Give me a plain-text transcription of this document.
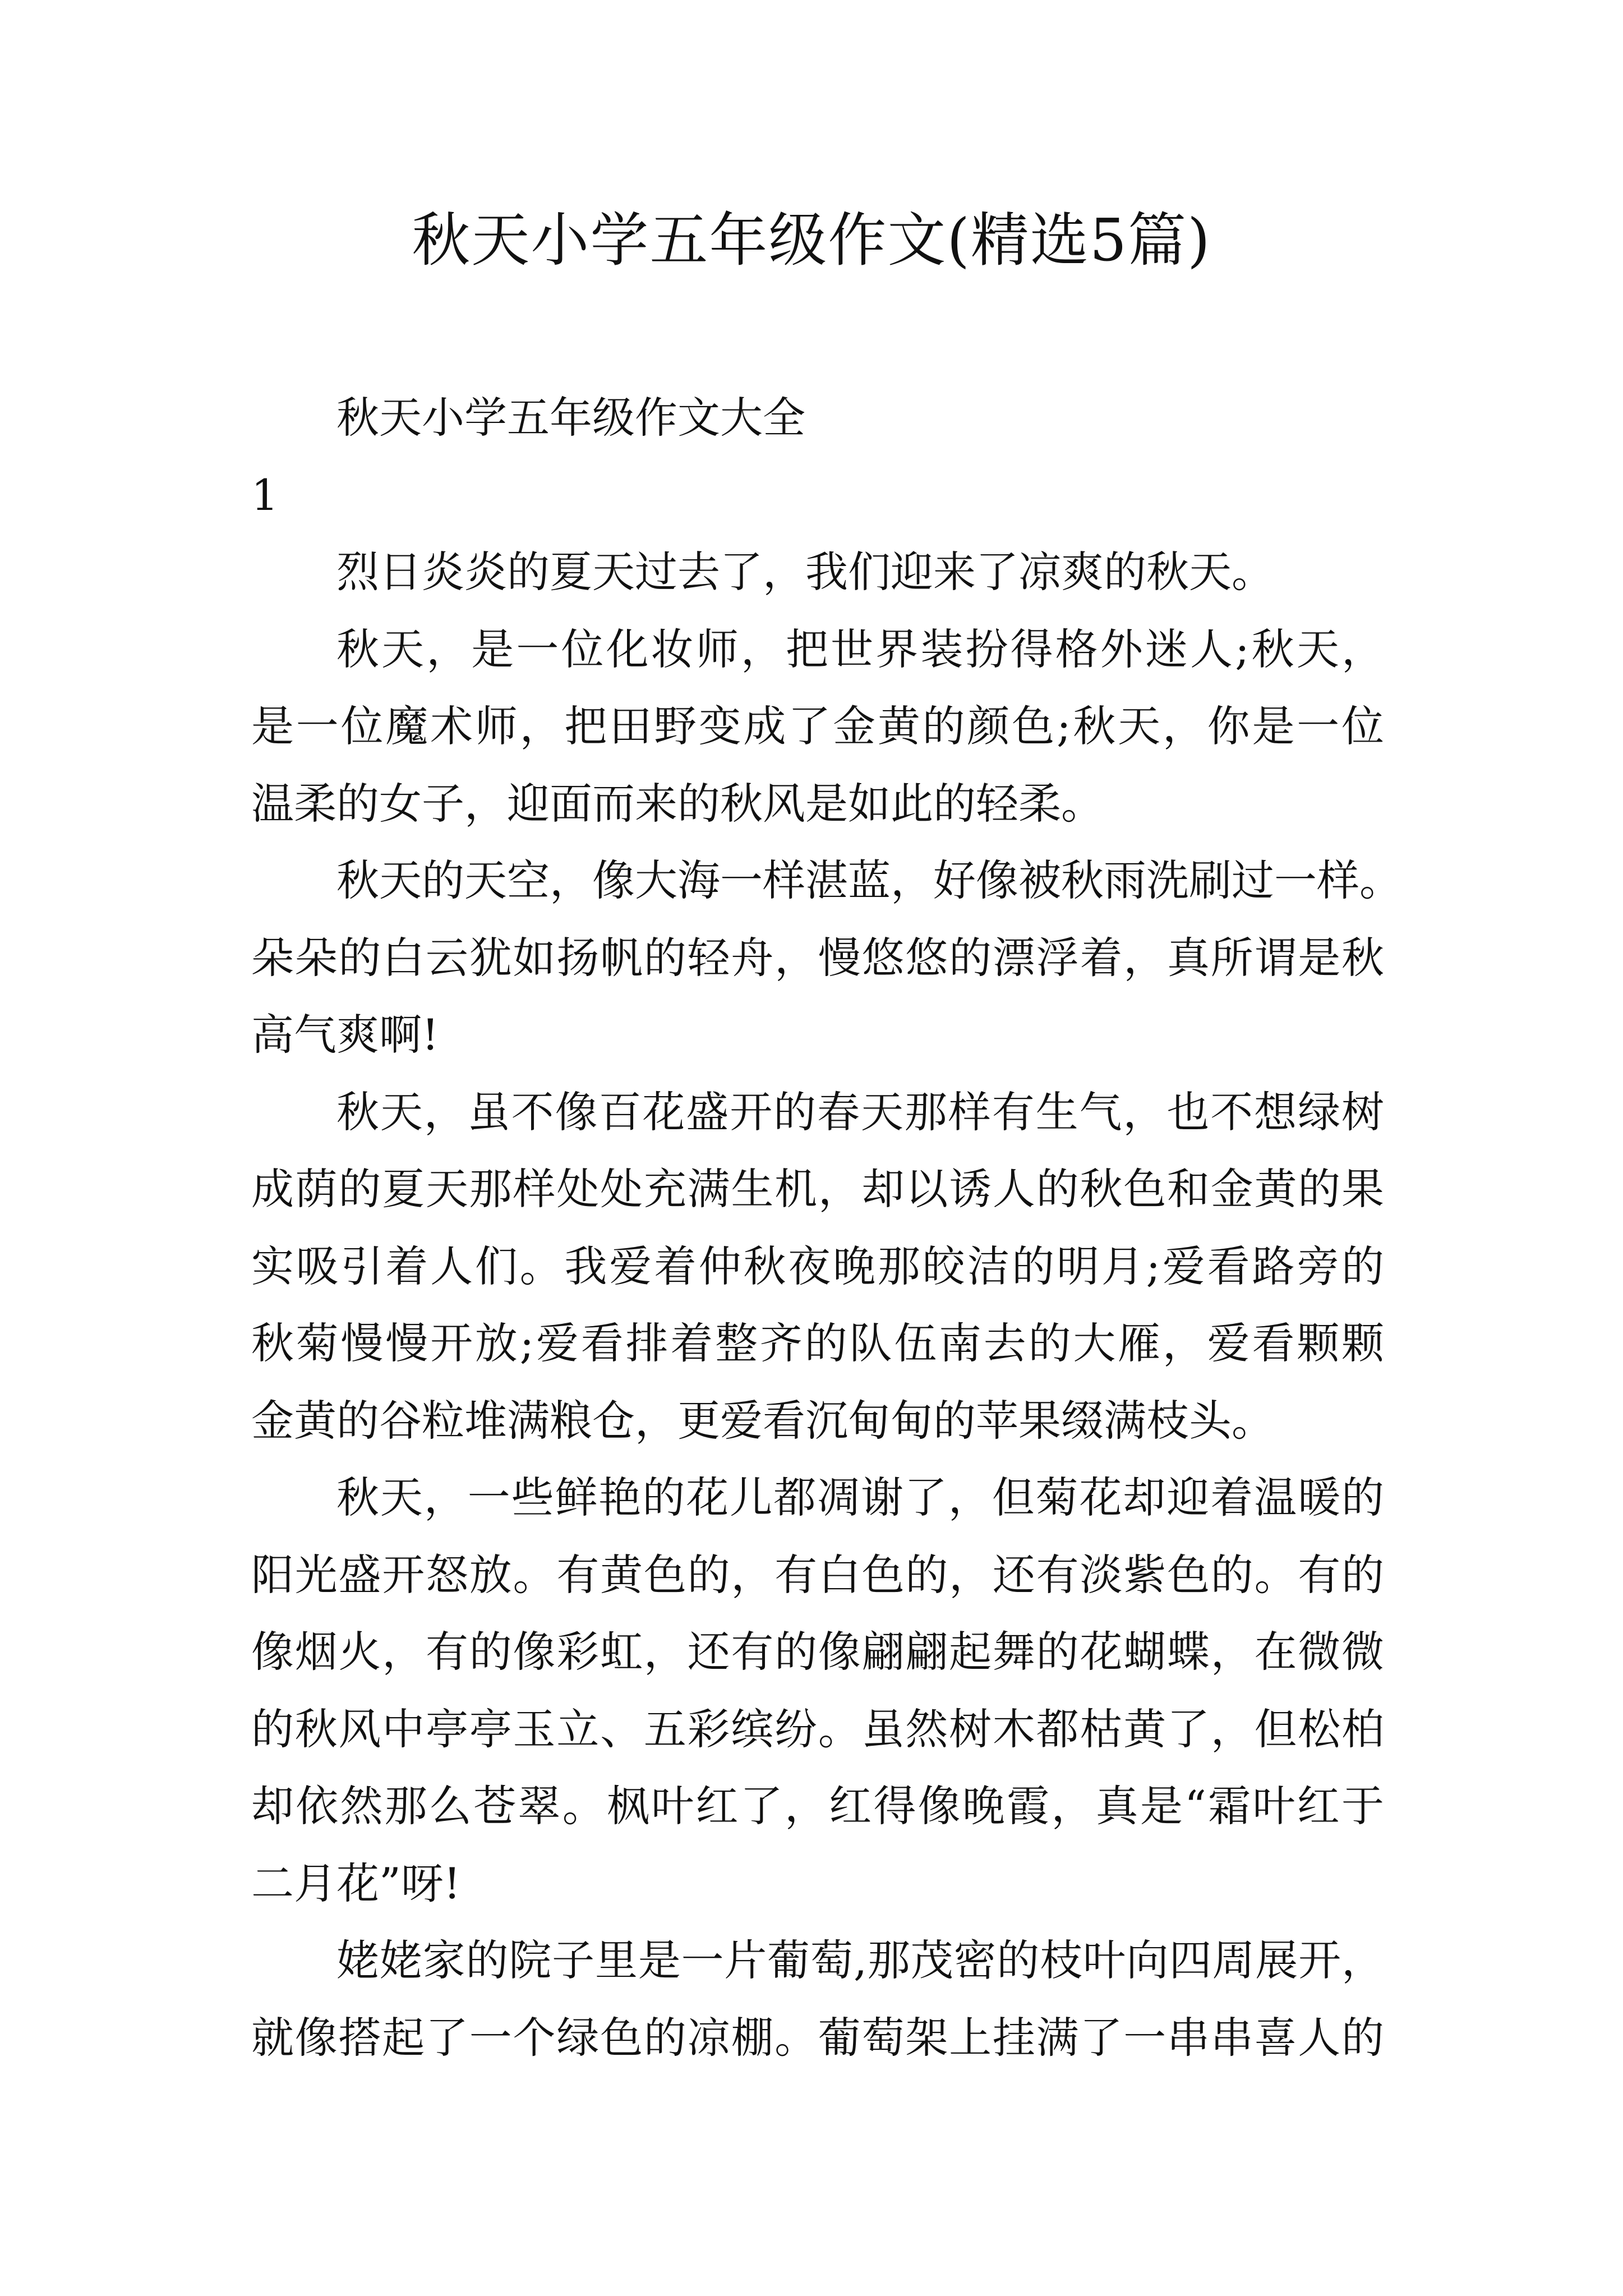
秋天小学五年级作文(精选5篇)
秋天小学五年级作文大全
1
烈日炎炎的夏天过去了，我们迎来了凉爽的秋天。
秋天，是一位化妆师，把世界装扮得格外迷人;秋天，
是一位魔术师，把田野变成了金黄的颜色;秋天，你是一位
温柔的女子，迎面而来的秋风是如此的轻柔。
秋天的天空，像大海一样湛蓝，好像被秋雨洗刷过一样。
朵朵的白云犹如扬帆的轻舟，慢悠悠的漂浮着，真所谓是秋
高气爽啊!
秋天，虽不像百花盛开的春天那样有生气，也不想绿树
成荫的夏天那样处处充满生机，却以诱人的秋色和金黄的果
实吸引着人们。我爱着仲秋夜晚那皎洁的明月;爱看路旁的
秋菊慢慢开放;爱看排着整齐的队伍南去的大雁，爱看颗颗
金黄的谷粒堆满粮仓，更爱看沉甸甸的苹果缀满枝头。
秋天，一些鲜艳的花儿都凋谢了，但菊花却迎着温暖的
阳光盛开怒放。有黄色的，有白色的，还有淡紫色的。有的
像烟火，有的像彩虹，还有的像翩翩起舞的花蝴蝶，在微微
的秋风中亭亭玉立、五彩缤纷。虽然树木都枯黄了，但松柏
却依然那么苍翠。枫叶红了，红得像晚霞，真是“霜叶红于
二月花”呀!
姥姥家的院子里是一片葡萄,那茂密的枝叶向四周展开，
就像搭起了一个绿色的凉棚。葡萄架上挂满了一串串喜人的
